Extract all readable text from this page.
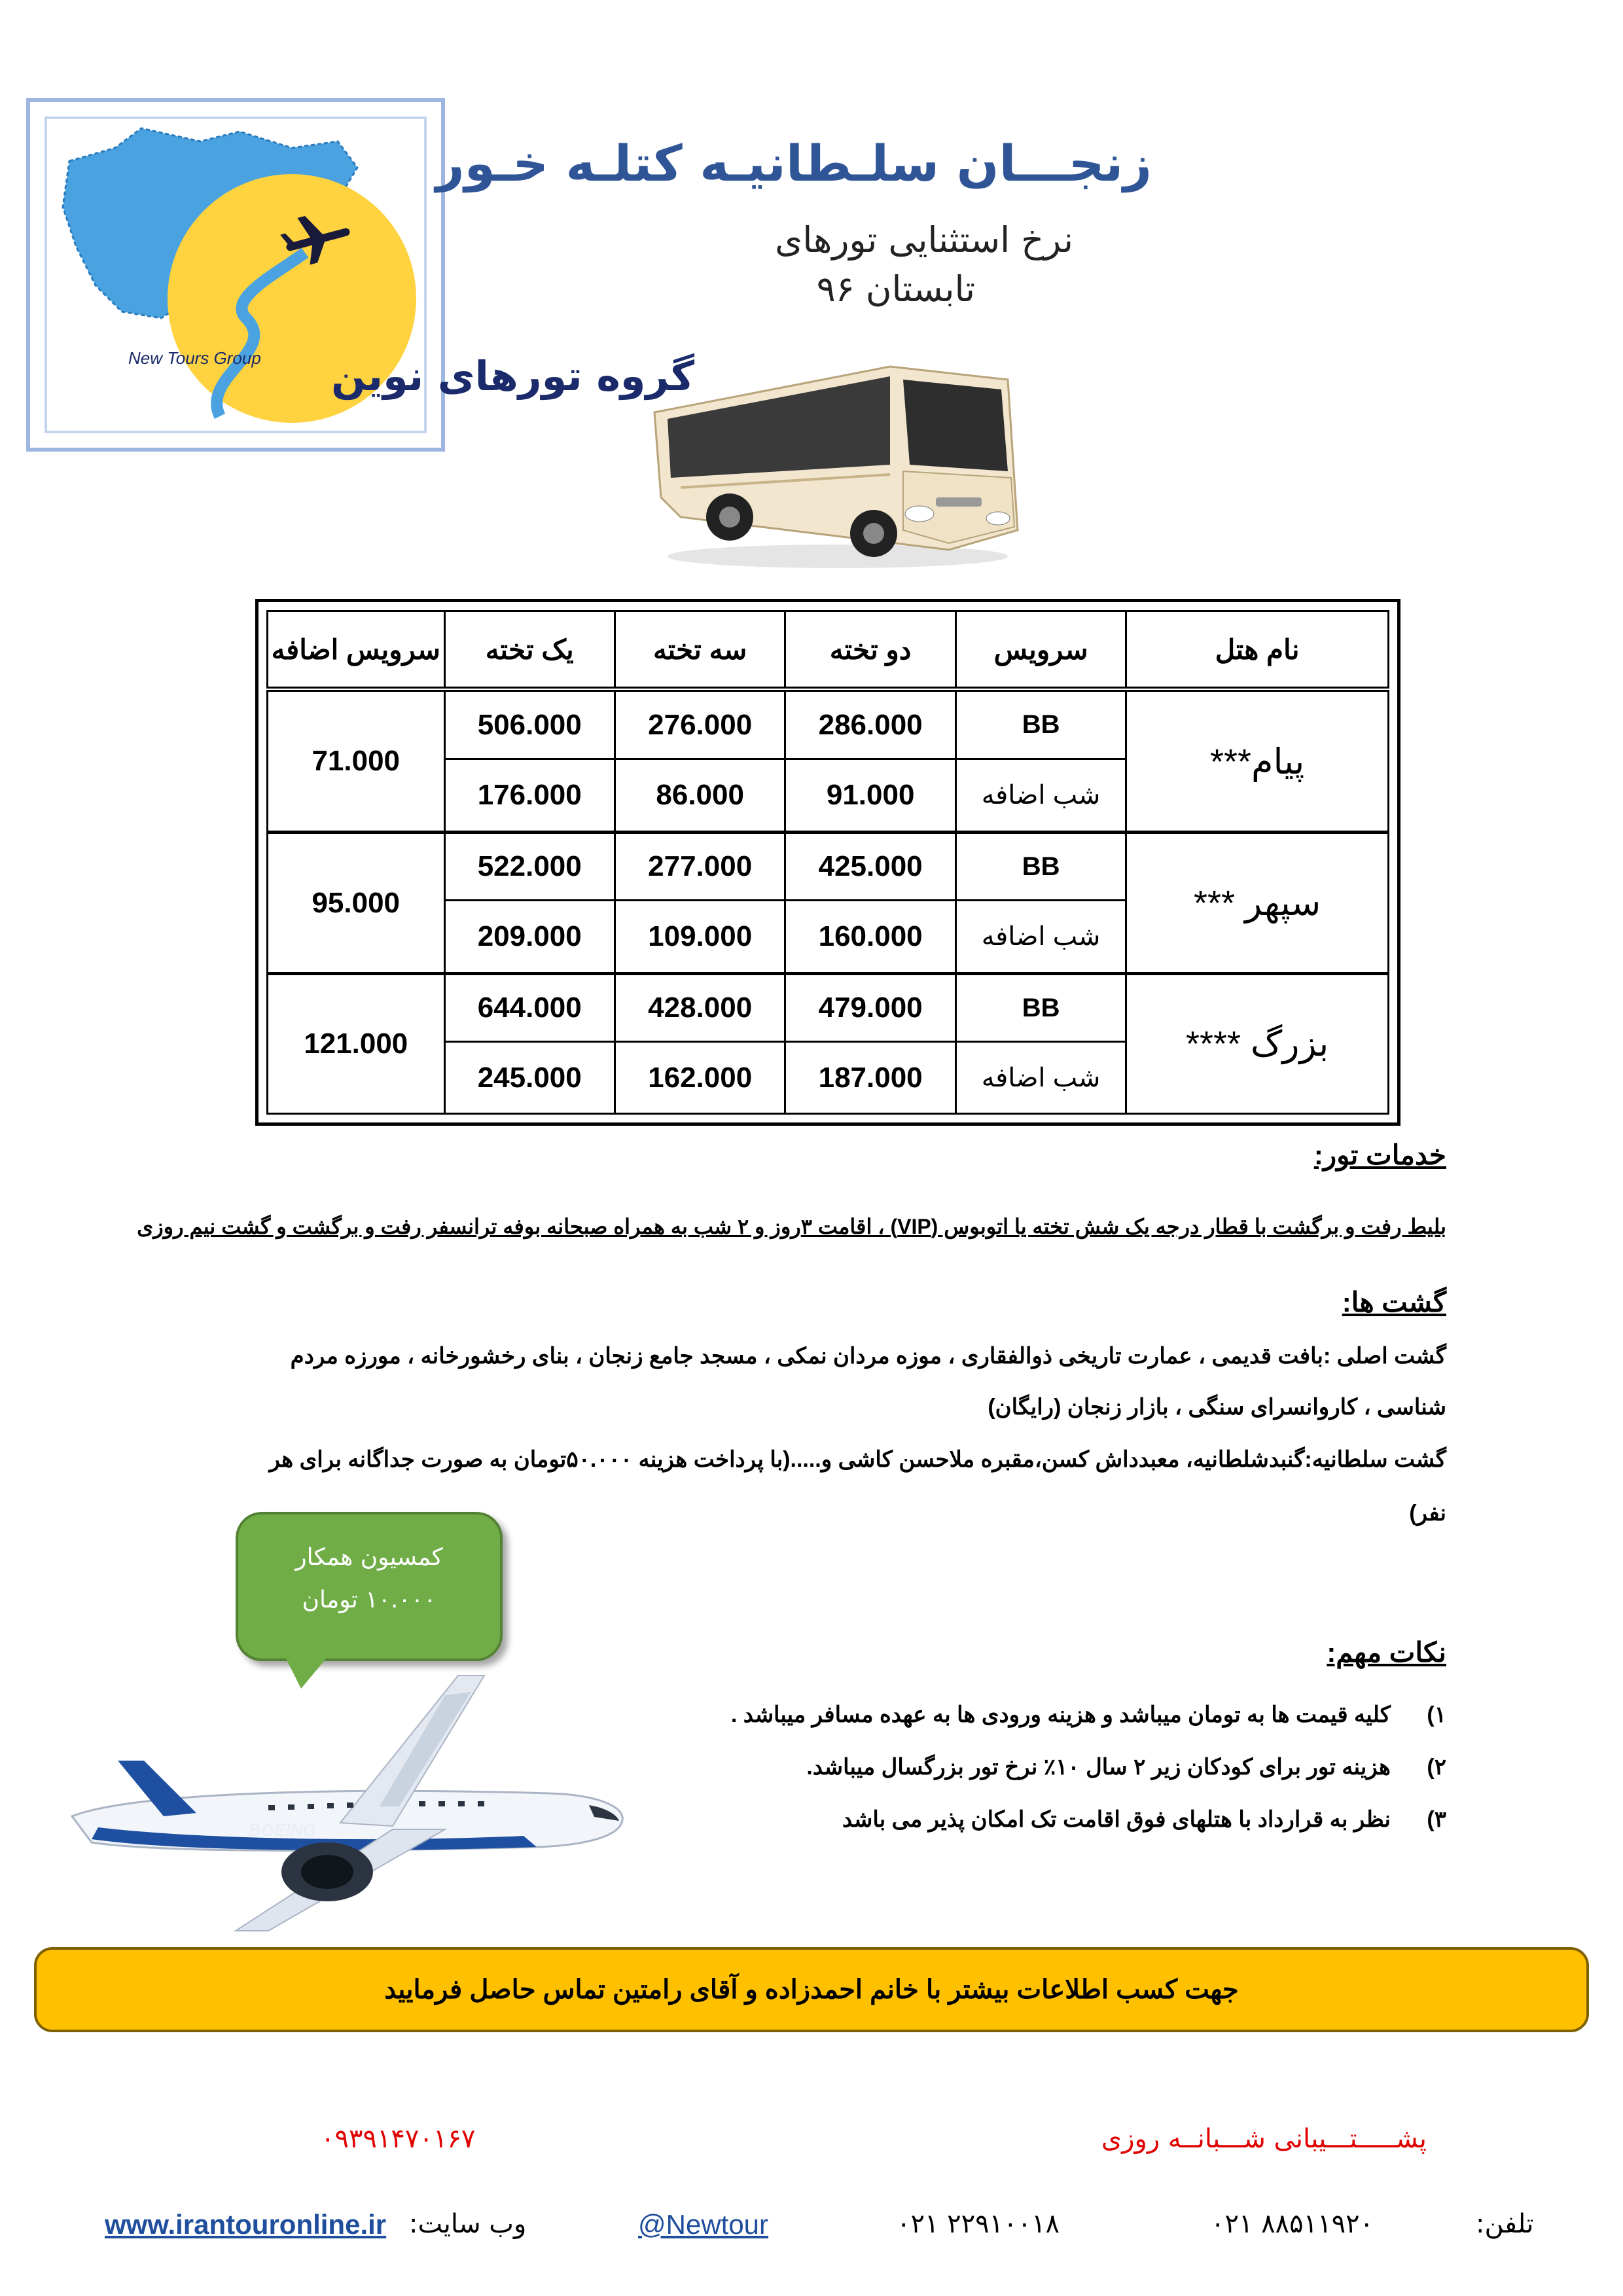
New Tours Group گروه تورهای نوین
زنجـــان سلـطانیـه کتلـه خـور
نرخ استثنایی تورهای
تابستان ۹۶
نام هتل	سرویس	دو تخته	سه تخته	یک تخته	سرویس اضافه
پیام***	BB	286.000	276.000	506.000	71.000
	شب اضافه	91.000	86.000	176.000	
سپهر ***	BB	425.000	277.000	522.000	95.000
	شب اضافه	160.000	109.000	209.000	
بزرگ ****	BB	479.000	428.000	644.000	121.000
	شب اضافه	187.000	162.000	245.000	
خدمات تور:
بلیط رفت و برگشت با قطار درجه یک شش تخته یا اتوبوس (VIP) ، اقامت ۳روز و ۲ شب به همراه صبحانه بوفه ترانسفر رفت و برگشت و گشت نیم روزی
گشت ها:
گشت اصلی :بافت قدیمی ، عمارت تاریخی ذوالفقاری ، موزه مردان نمکی ، مسجد جامع زنجان ، بنای رخشورخانه ، مورزه مردم
شناسی ، کاروانسرای سنگی ، بازار زنجان (رایگان)
گشت سلطانیه:گنبدشلطانیه، معبدداش کسن،مقبره ملاحسن کاشی و.....(با پرداخت هزینه ۵۰.۰۰۰تومان به صورت جداگانه برای هر
نفر)
کمسیون همکار
۱۰.۰۰۰ تومان
BOEING
نکات مهم:
۱)
کلیه قیمت ها به تومان میباشد و هزینه ورودی ها به عهده مسافر میباشد .
۲)
هزینه تور برای کودکان زیر ۲ سال ۱۰٪ نرخ تور بزرگسال میباشد.
۳)
نظر به قرارداد با هتلهای فوق اقامت تک امکان پذیر می باشد
جهت کسب اطلاعات بیشتر با خانم احمدزاده و آقای رامتین تماس حاصل فرمایید
پشـــــتـــیبانی شـــبانــه روزی
۰۹۳۹۱۴۷۰۱۶۷
www.irantouronline.ir وب سایت:	@Newtour	۰۲۱ ۲۲۹۱۰۰۱۸	۰۲۱ ۸۸۵۱۱۹۲۰	تلفن:
